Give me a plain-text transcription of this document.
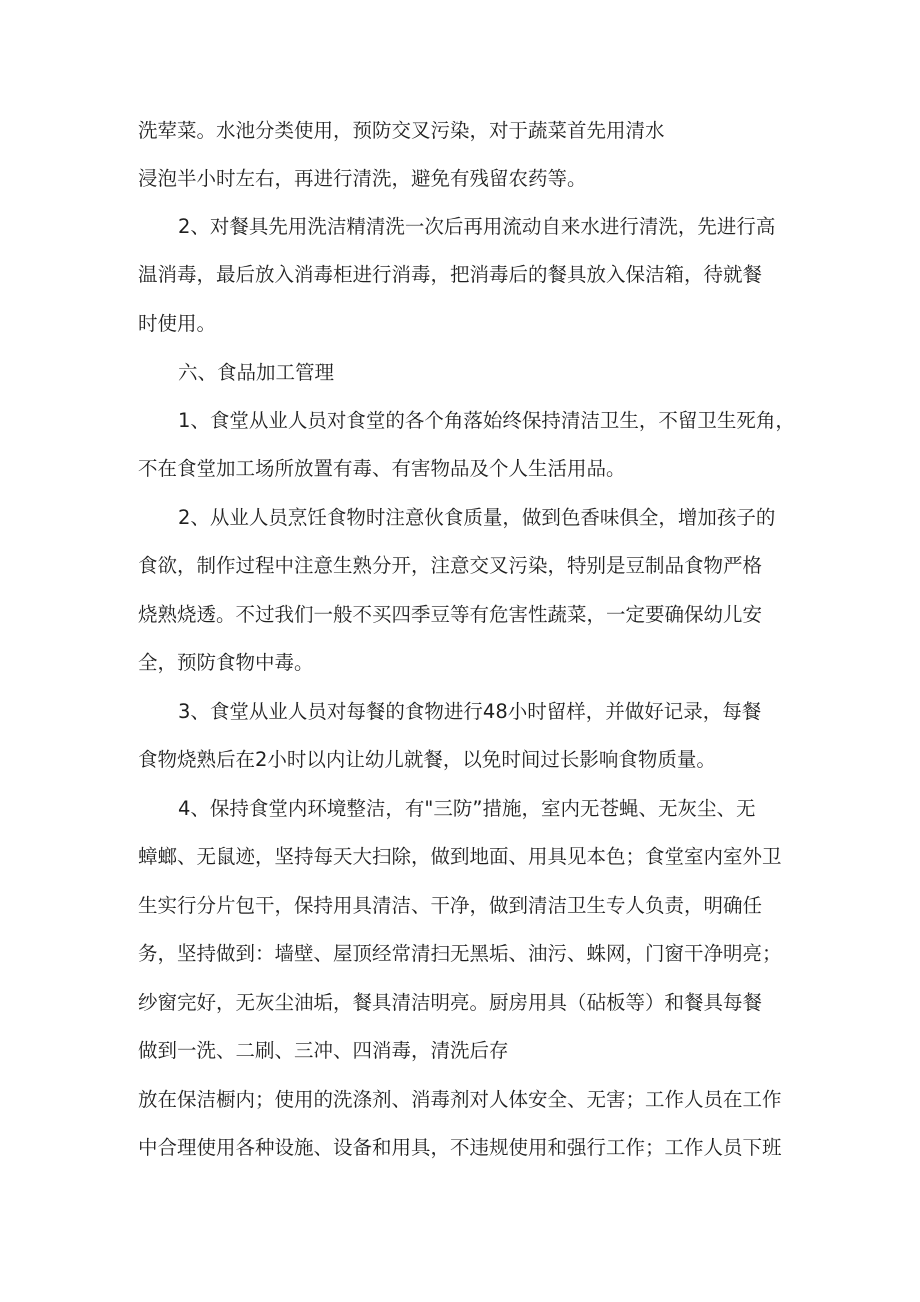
洗荤菜。水池分类使用，预防交叉污染，对于蔬菜首先用清水
浸泡半小时左右，再进行清洗，避免有残留农药等。
2、对餐具先用洗洁精清洗一次后再用流动自来水进行清洗，先进行高
温消毒，最后放入消毒柜进行消毒，把消毒后的餐具放入保洁箱，待就餐
时使用。
六、食品加工管理
1、食堂从业人员对食堂的各个角落始终保持清洁卫生，不留卫生死角，
不在食堂加工场所放置有毒、有害物品及个人生活用品。
2、从业人员烹饪食物时注意伙食质量，做到色香味俱全，增加孩子的
食欲，制作过程中注意生熟分开，注意交叉污染，特别是豆制品食物严格
烧熟烧透。不过我们一般不买四季豆等有危害性蔬菜，一定要确保幼儿安
全，预防食物中毒。
3、食堂从业人员对每餐的食物进行48小时留样，并做好记录，每餐
食物烧熟后在2小时以内让幼儿就餐，以免时间过长影响食物质量。
4、保持食堂内环境整洁，有"三防”措施，室内无苍蝇、无灰尘、无
蟑螂、无鼠迹，坚持每天大扫除，做到地面、用具见本色；食堂室内室外卫
生实行分片包干，保持用具清洁、干净，做到清洁卫生专人负责，明确任
务，坚持做到：墙壁、屋顶经常清扫无黑垢、油污、蛛网，门窗干净明亮；
纱窗完好，无灰尘油垢，餐具清洁明亮。厨房用具（砧板等）和餐具每餐
做到一洗、二刷、三冲、四消毒，清洗后存
放在保洁橱内；使用的洗涤剂、消毒剂对人体安全、无害；工作人员在工作
中合理使用各种设施、设备和用具，不违规使用和强行工作；工作人员下班
